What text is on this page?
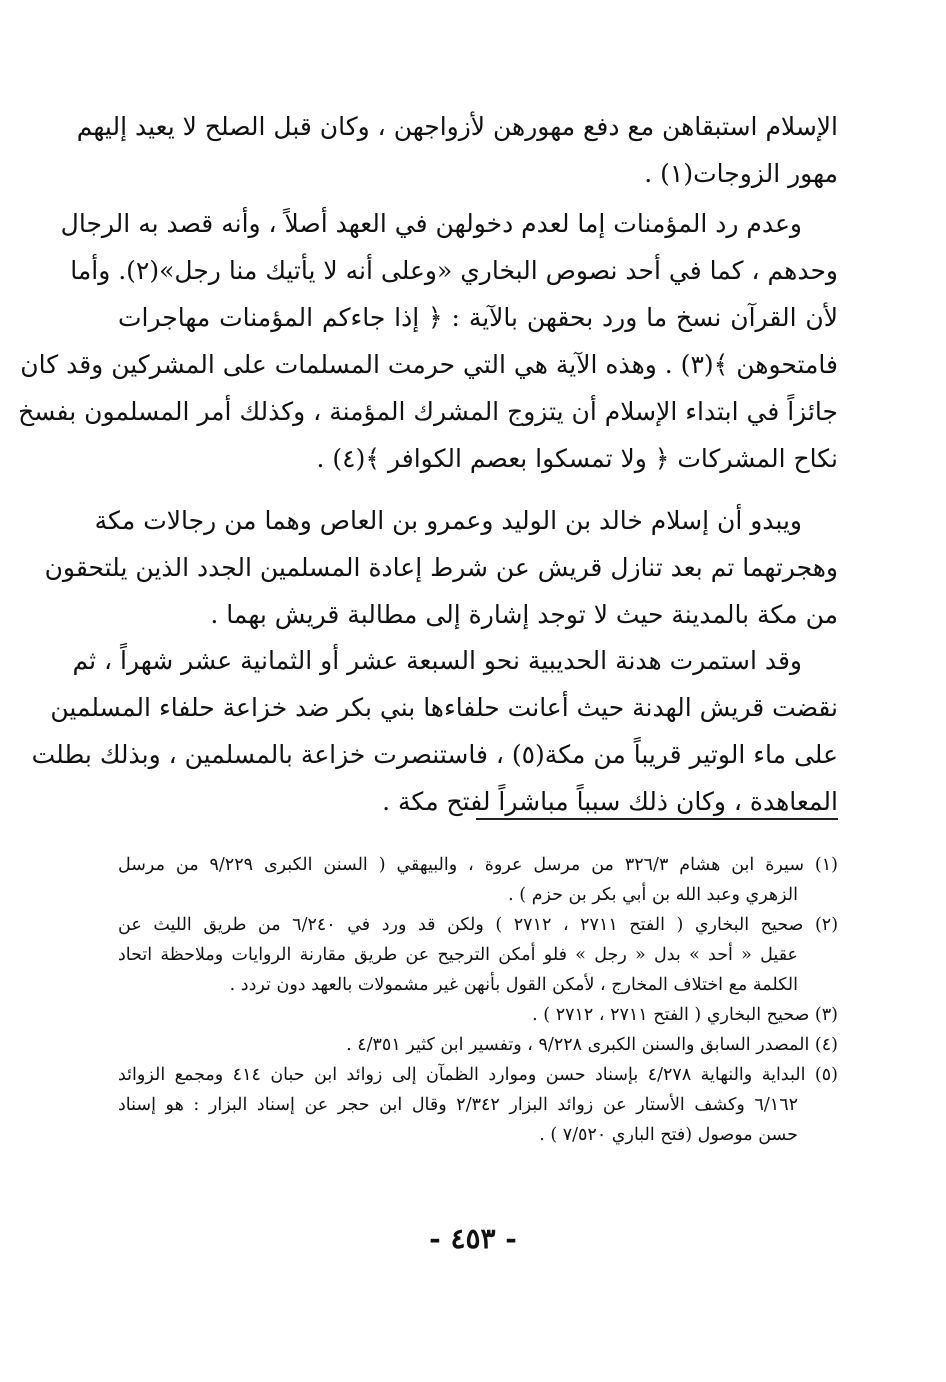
الإسلام استبقاهن مع دفع مهورهن لأزواجهن ، وكان قبل الصلح لا يعيد إليهم
مهور الزوجات(١) .
وعدم رد المؤمنات إما لعدم دخولهن في العهد أصلاً ، وأنه قصد به الرجال
وحدهم ، كما في أحد نصوص البخاري «وعلى أنه لا يأتيك منا رجل»(٢). وأما
لأن القرآن نسخ ما ورد بحقهن بالآية : ﴿ إذا جاءكم المؤمنات مهاجرات
فامتحوهن ﴾(٣) . وهذه الآية هي التي حرمت المسلمات على المشركين وقد كان
جائزاً في ابتداء الإسلام أن يتزوج المشرك المؤمنة ، وكذلك أمر المسلمون بفسخ
نكاح المشركات ﴿ ولا تمسكوا بعصم الكوافر ﴾(٤) .
ويبدو أن إسلام خالد بن الوليد وعمرو بن العاص وهما من رجالات مكة
وهجرتهما تم بعد تنازل قريش عن شرط إعادة المسلمين الجدد الذين يلتحقون
من مكة بالمدينة حيث لا توجد إشارة إلى مطالبة قريش بهما .
وقد استمرت هدنة الحديبية نحو السبعة عشر أو الثمانية عشر شهراً ، ثم
نقضت قريش الهدنة حيث أعانت حلفاءها بني بكر ضد خزاعة حلفاء المسلمين
على ماء الوتير قريباً من مكة(٥) ، فاستنصرت خزاعة بالمسلمين ، وبذلك بطلت
المعاهدة ، وكان ذلك سبباً مباشراً لفتح مكة .
(١) سيرة ابن هشام ٣٢٦/٣ من مرسل عروة ، والبيهقي ( السنن الكبرى ٩/٢٢٩ من مرسل
الزهري وعبد الله بن أبي بكر بن حزم ) .
(٢) صحيح البخاري ( الفتح ٢٧١١ ، ٢٧١٢ ) ولكن قد ورد في ٦/٢٤٠ من طريق الليث عن
عقيل « أحد » بدل « رجل » فلو أمكن الترجيح عن طريق مقارنة الروايات وملاحظة اتحاد
الكلمة مع اختلاف المخارج ، لأمكن القول بأنهن غير مشمولات بالعهد دون تردد .
(٣) صحيح البخاري ( الفتح ٢٧١١ ، ٢٧١٢ ) .
(٤) المصدر السابق والسنن الكبرى ٩/٢٢٨ ، وتفسير ابن كثير ٤/٣٥١ .
(٥) البداية والنهاية ٤/٢٧٨ بإسناد حسن وموارد الظمآن إلى زوائد ابن حبان ٤١٤ ومجمع الزوائد
٦/١٦٢ وكشف الأستار عن زوائد البزار ٢/٣٤٢ وقال ابن حجر عن إسناد البزار : هو إسناد
حسن موصول (فتح الباري ٧/٥٢٠ ) .
- ٤٥٣ -
